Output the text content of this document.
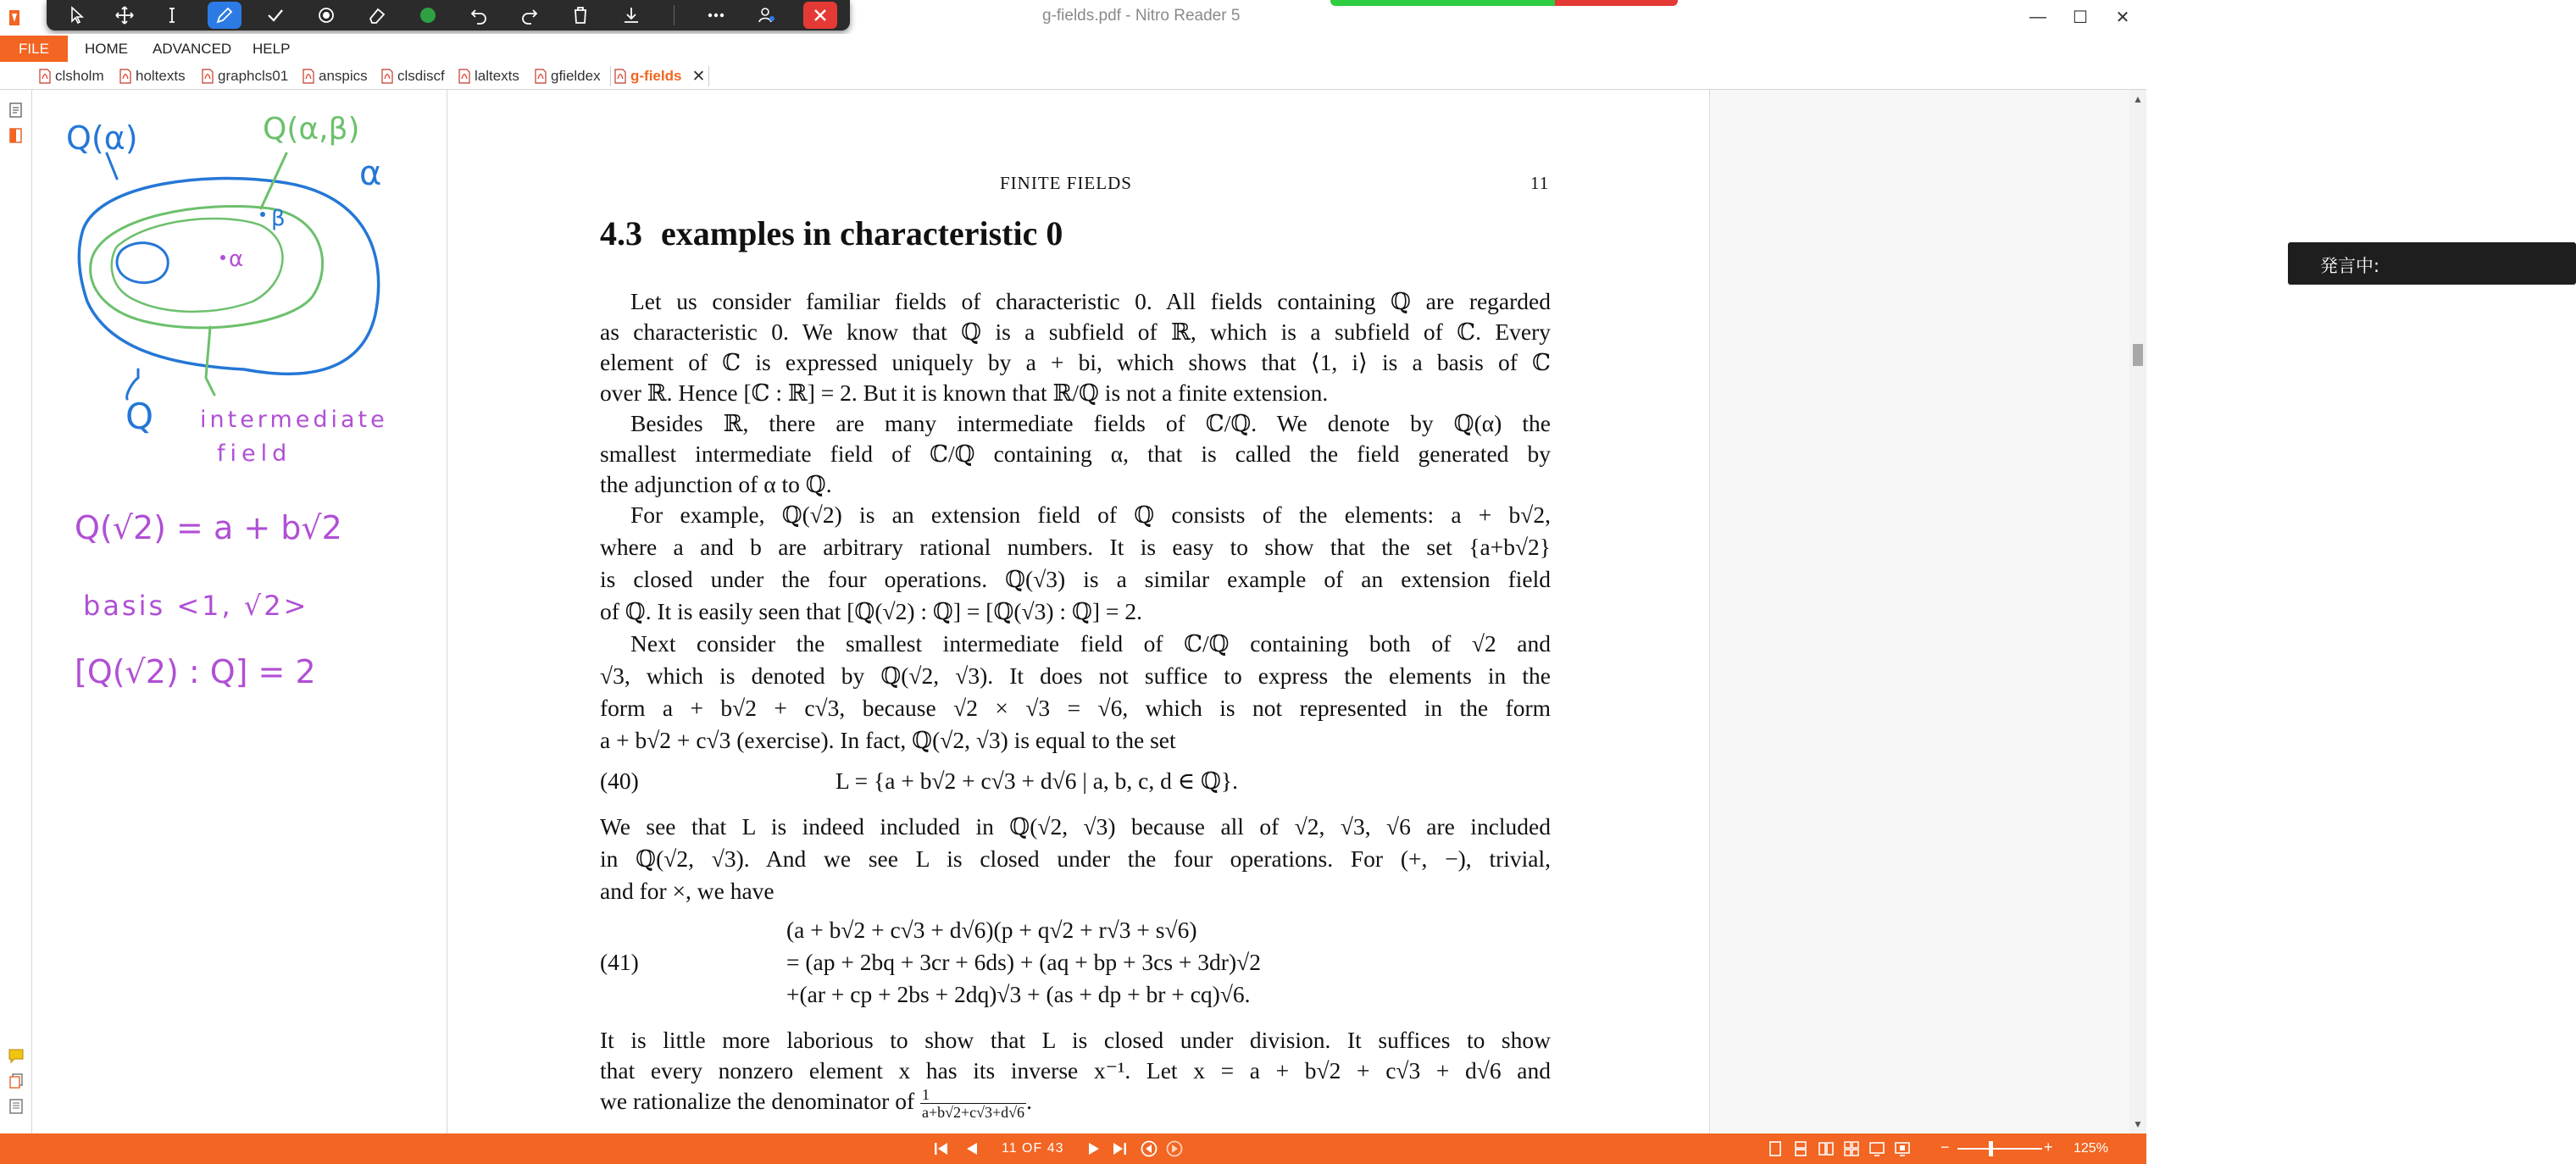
g-fields.pdf - Nitro Reader 5	—	☐	✕
HOME ADVANCED HELP
FILE
clsholm holtexts graphcls01 anspics clsdiscf laltexts gfieldex g-fields ✕
Q(α)	Q(α,β)
α
β
α
Q intermediate
field
Q(√2) = a + b√2
basis <1, √2>
[Q(√2) : Q] = 2
FINITE FIELDS	11
4.3 examples in characteristic 0
Let us consider familiar fields of characteristic 0. All fields containing ℚ are regarded
as characteristic 0. We know that ℚ is a subfield of ℝ, which is a subfield of ℂ. Every
element of ℂ is expressed uniquely by a + bi, which shows that ⟨1, i⟩ is a basis of ℂ
over ℝ. Hence [ℂ : ℝ] = 2. But it is known that ℝ/ℚ is not a finite extension.
Besides ℝ, there are many intermediate fields of ℂ/ℚ. We denote by ℚ(α) the
smallest intermediate field of ℂ/ℚ containing α, that is called the field generated by
the adjunction of α to ℚ.
For example, ℚ(√2) is an extension field of ℚ consists of the elements: a + b√2,
where a and b are arbitrary rational numbers. It is easy to show that the set {a+b√2}
is closed under the four operations. ℚ(√3) is a similar example of an extension field
of ℚ. It is easily seen that [ℚ(√2) : ℚ] = [ℚ(√3) : ℚ] = 2.
Next consider the smallest intermediate field of ℂ/ℚ containing both of √2 and
√3, which is denoted by ℚ(√2, √3). It does not suffice to express the elements in the
form a + b√2 + c√3, because √2 × √3 = √6, which is not represented in the form
a + b√2 + c√3 (exercise). In fact, ℚ(√2, √3) is equal to the set
(40)	L = {a + b√2 + c√3 + d√6 | a, b, c, d ∈ ℚ}.
We see that L is indeed included in ℚ(√2, √3) because all of √2, √3, √6 are included
in ℚ(√2, √3). And we see L is closed under the four operations. For (+, −), trivial,
and for ×, we have
(41)
(a + b√2 + c√3 + d√6)(p + q√2 + r√3 + s√6)
= (ap + 2bq + 3cr + 6ds) + (aq + bp + 3cs + 3dr)√2
+(ar + cp + 2bs + 2dq)√3 + (as + dp + br + cq)√6.
It is little more laborious to show that L is closed under division. It suffices to show
that every nonzero element x has its inverse x⁻¹. Let x = a + b√2 + c√3 + d√6 and
we rationalize the denominator of $\frac{1}{a+b√2+c√3+d√6}$ .
発言中:
▲
▼
11 OF 43	−	+ 125%
